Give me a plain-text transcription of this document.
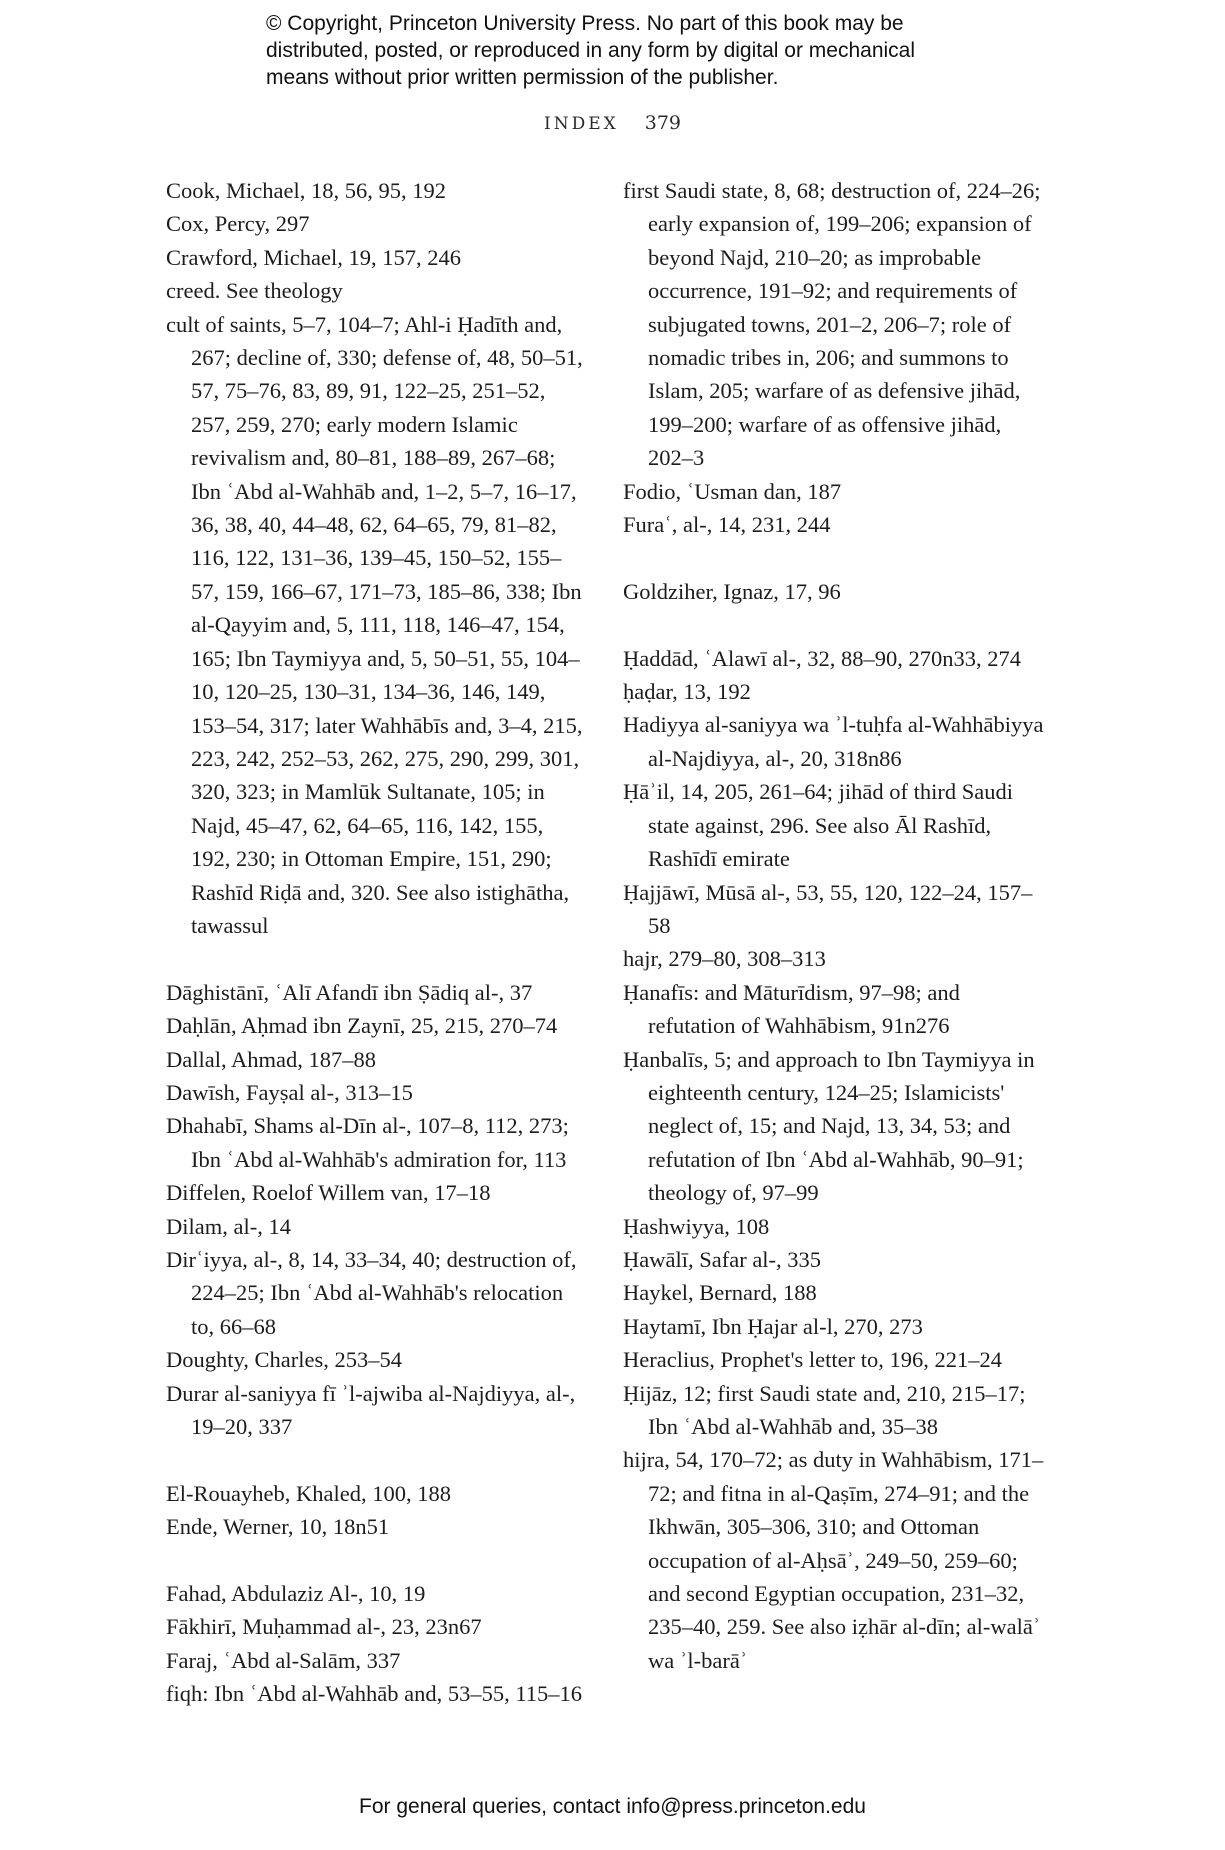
© Copyright, Princeton University Press. No part of this book may be
distributed, posted, or reproduced in any form by digital or mechanical
means without prior written permission of the publisher.
INDEX 379
Cook, Michael, 18, 56, 95, 192
Cox, Percy, 297
Crawford, Michael, 19, 157, 246
creed. See theology
cult of saints, 5–7, 104–7; Ahl-i Ḥadīth and, 267; decline of, 330; defense of, 48, 50–51, 57, 75–76, 83, 89, 91, 122–25, 251–52, 257, 259, 270; early modern Islamic revivalism and, 80–81, 188–89, 267–68; Ibn ʿAbd al-Wahhāb and, 1–2, 5–7, 16–17, 36, 38, 40, 44–48, 62, 64–65, 79, 81–82, 116, 122, 131–36, 139–45, 150–52, 155–57, 159, 166–67, 171–73, 185–86, 338; Ibn al-Qayyim and, 5, 111, 118, 146–47, 154, 165; Ibn Taymiyya and, 5, 50–51, 55, 104–10, 120–25, 130–31, 134–36, 146, 149, 153–54, 317; later Wahhābīs and, 3–4, 215, 223, 242, 252–53, 262, 275, 290, 299, 301, 320, 323; in Mamlūk Sultanate, 105; in Najd, 45–47, 62, 64–65, 116, 142, 155, 192, 230; in Ottoman Empire, 151, 290; Rashīd Riḍā and, 320. See also istighātha, tawassul
Dāghistānī, ʿAlī Afandī ibn Ṣādiq al-, 37
Daḥlān, Aḥmad ibn Zaynī, 25, 215, 270–74
Dallal, Ahmad, 187–88
Dawīsh, Fayṣal al-, 313–15
Dhahabī, Shams al-Dīn al-, 107–8, 112, 273; Ibn ʿAbd al-Wahhāb's admiration for, 113
Diffelen, Roelof Willem van, 17–18
Dilam, al-, 14
Dirʿiyya, al-, 8, 14, 33–34, 40; destruction of, 224–25; Ibn ʿAbd al-Wahhāb's relocation to, 66–68
Doughty, Charles, 253–54
Durar al-saniyya fī ʾl-ajwiba al-Najdiyya, al-, 19–20, 337
El-Rouayheb, Khaled, 100, 188
Ende, Werner, 10, 18n51
Fahad, Abdulaziz Al-, 10, 19
Fākhirī, Muḥammad al-, 23, 23n67
Faraj, ʿAbd al-Salām, 337
fiqh: Ibn ʿAbd al-Wahhāb and, 53–55, 115–16
first Saudi state, 8, 68; destruction of, 224–26; early expansion of, 199–206; expansion of beyond Najd, 210–20; as improbable occurrence, 191–92; and requirements of subjugated towns, 201–2, 206–7; role of nomadic tribes in, 206; and summons to Islam, 205; warfare of as defensive jihād, 199–200; warfare of as offensive jihād, 202–3
Fodio, ʿUsman dan, 187
Furaʿ, al-, 14, 231, 244
Goldziher, Ignaz, 17, 96
Ḥaddād, ʿAlawī al-, 32, 88–90, 270n33, 274
ḥaḍar, 13, 192
Hadiyya al-saniyya wa ʾl-tuḥfa al-Wahhābiyya al-Najdiyya, al-, 20, 318n86
Ḥāʾil, 14, 205, 261–64; jihād of third Saudi state against, 296. See also Āl Rashīd, Rashīdī emirate
Ḥajjāwī, Mūsā al-, 53, 55, 120, 122–24, 157–58
hajr, 279–80, 308–313
Ḥanafīs: and Māturīdism, 97–98; and refutation of Wahhābism, 91n276
Ḥanbalīs, 5; and approach to Ibn Taymiyya in eighteenth century, 124–25; Islamicists' neglect of, 15; and Najd, 13, 34, 53; and refutation of Ibn ʿAbd al-Wahhāb, 90–91; theology of, 97–99
Ḥashwiyya, 108
Ḥawālī, Safar al-, 335
Haykel, Bernard, 188
Haytamī, Ibn Ḥajar al-l, 270, 273
Heraclius, Prophet's letter to, 196, 221–24
Ḥijāz, 12; first Saudi state and, 210, 215–17; Ibn ʿAbd al-Wahhāb and, 35–38
hijra, 54, 170–72; as duty in Wahhābism, 171–72; and fitna in al-Qaṣīm, 274–91; and the Ikhwān, 305–306, 310; and Ottoman occupation of al-Aḥsāʾ, 249–50, 259–60; and second Egyptian occupation, 231–32, 235–40, 259. See also iẓhār al-dīn; al-walāʾ wa ʾl-barāʾ
For general queries, contact info@press.princeton.edu
